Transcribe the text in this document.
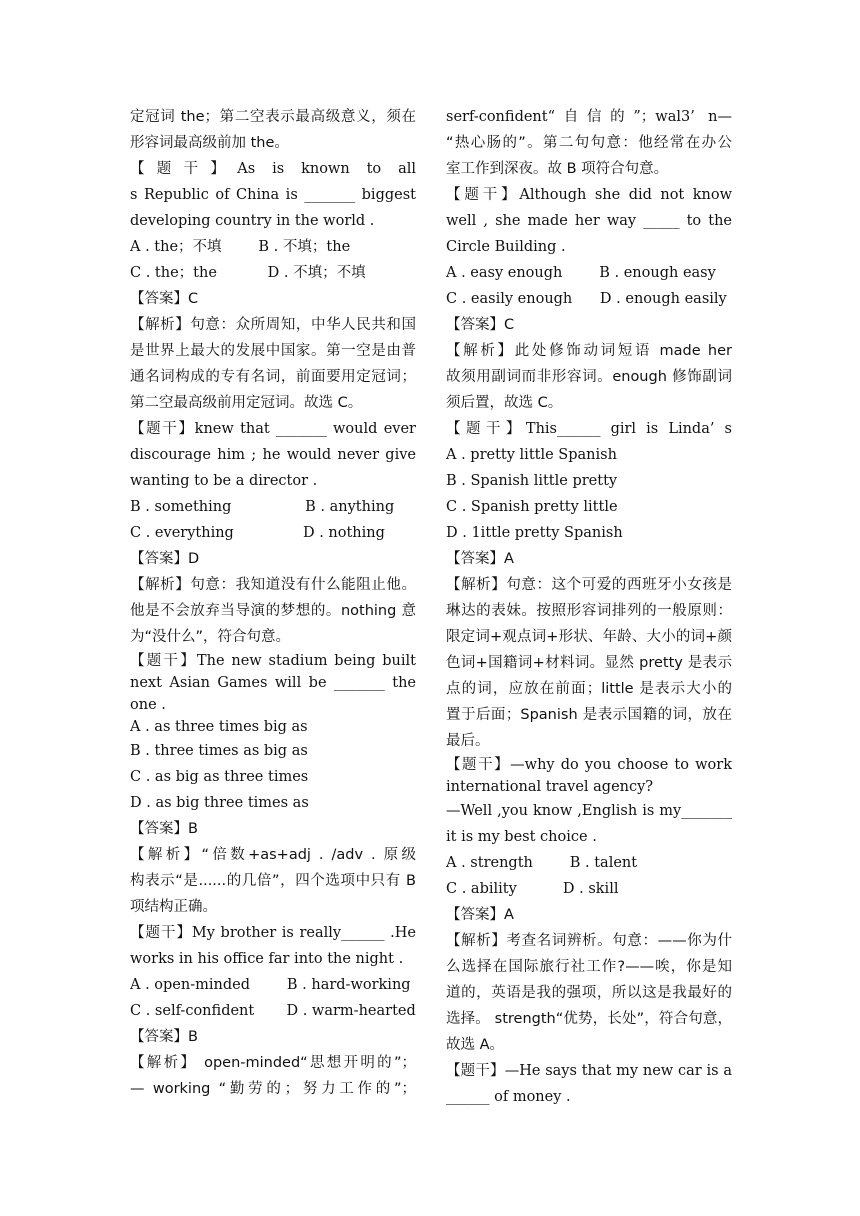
定冠词 the；第二空表示最高级意义，须在
形容词最高级前加 the。
【题干】As is known to all
s Republic of China is _______ biggest
developing country in the world .
A . the；不填        B . 不填；the
C . the；the           D . 不填；不填
【答案】C
【解析】句意：众所周知，中华人民共和国
是世界上最大的发展中国家。第一空是由普
通名词构成的专有名词，前面要用定冠词；
第二空最高级前用定冠词。故选 C。
【题干】knew that _______ would ever
discourage him ; he would never give
wanting to be a director .
B . something                B . anything
C . everything               D . nothing
【答案】D
【解析】句意：我知道没有什么能阻止他。
他是不会放弃当导演的梦想的。nothing 意
为“没什么”，符合句意。
【题干】The new stadium being built
next Asian Games will be _______ the
one .
A . as three times big as
B . three times as big as
C . as big as three times
D . as big three times as
【答案】B
【解析】“倍数+as+adj . /adv . 原级
构表示“是......的几倍”，四个选项中只有 B
项结构正确。
【题干】My brother is really______ .He
works in his office far into the night .
A . open-minded        B . hard-working
C . self-confident       D . warm-hearted
【答案】B
【解析】 open-minded“思想开明的”；
— working “勤劳的；努力工作的”；
serf-confident“自信的”；wal3’ n—
“热心肠的”。第二句句意：他经常在办公
室工作到深夜。故 B 项符合句意。
【题干】Although she did not know
well , she made her way _____ to the
Circle Building .
A . easy enough        B . enough easy
C . easily enough      D . enough easily
【答案】C
【解析】此处修饰动词短语 made her
故须用副词而非形容词。enough 修饰副词
须后置，故选 C。
【题干】This______ girl is Linda’ s
A . pretty little Spanish
B . Spanish little pretty
C . Spanish pretty little
D . 1ittle pretty Spanish
【答案】A
【解析】句意：这个可爱的西班牙小女孩是
琳达的表妹。按照形容词排列的一般原则：
限定词+观点词+形状、年龄、大小的词+颜
色词+国籍词+材料词。显然 pretty 是表示
点的词，应放在前面；little 是表示大小的
置于后面；Spanish 是表示国籍的词，放在
最后。
【题干】—why do you choose to work
international travel agency?
—Well ,you know ,English is my_______
it is my best choice .
A . strength        B . talent
C . ability          D . skill
【答案】A
【解析】考查名词辨析。句意：——你为什
么选择在国际旅行社工作?——唉，你是知
道的，英语是我的强项，所以这是我最好的
选择。 strength“优势，长处”，符合句意，
故选 A。
【题干】—He says that my new car is a
______ of money .
